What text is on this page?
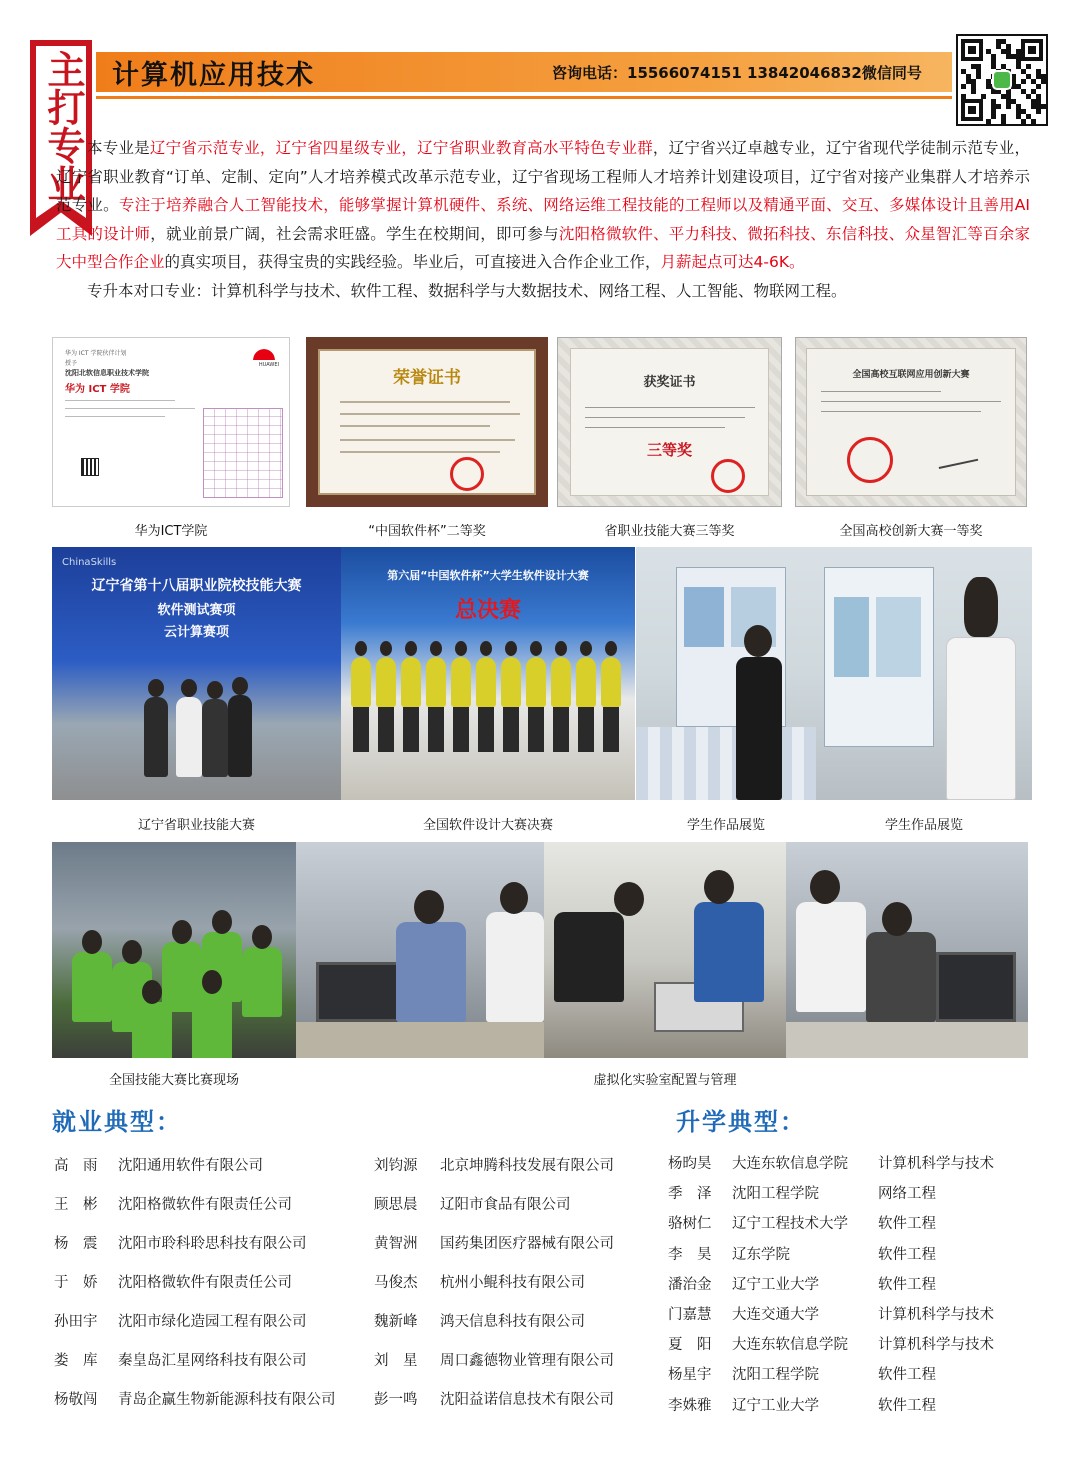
主打专业 计算机应用技术	咨询电话：15566074151 13842046832微信同号

本专业是辽宁省示范专业，辽宁省四星级专业，辽宁省职业教育高水平特色专业群，辽宁省兴辽卓越专业，辽宁省现代学徒制示范专业，辽宁省职业教育“订单、定制、定向”人才培养模式改革示范专业，辽宁省现场工程师人才培养计划建设项目，辽宁省对接产业集群人才培养示范专业。专注于培养融合人工智能技术，能够掌握计算机硬件、系统、网络运维工程技能的工程师以及精通平面、交互、多媒体设计且善用AI工具的设计师，就业前景广阔，社会需求旺盛。学生在校期间，即可参与沈阳格微软件、平力科技、微拓科技、东信科技、众星智汇等百余家大中型合作企业的真实项目，获得宝贵的实践经验。毕业后，可直接进入合作企业工作，月薪起点可达4-6K。

专升本对口专业：计算机科学与技术、软件工程、数据科学与大数据技术、网络工程、人工智能、物联网工程。

华为 ICT 学院伙伴计划
授予
沈阳北软信息职业技术学院
华为 ICT 学院
HUAWEI
华为ICT学院
荣誉证书
“中国软件杯”二等奖
获奖证书
三等奖
省职业技能大赛三等奖
全国高校互联网应用创新大赛
全国高校创新大赛一等奖
ChinaSkills
辽宁省第十八届职业院校技能大赛
软件测试赛项
云计算赛项
辽宁省职业技能大赛
第六届“中国软件杯”大学生软件设计大赛
总决赛
全国软件设计大赛决赛	学生作品展览	学生作品展览
全国技能大赛比赛现场	虚拟化实验室配置与管理
就业典型：
高　雨 沈阳通用软件有限公司
王　彬 沈阳格微软件有限责任公司
杨　震 沈阳市聆科聆思科技有限公司
于　娇 沈阳格微软件有限责任公司
孙田宇 沈阳市绿化造园工程有限公司
娄　库 秦皇岛汇星网络科技有限公司
杨敬闯 青岛企赢生物新能源科技有限公司
刘钧源 北京坤腾科技发展有限公司
顾思晨 辽阳市食品有限公司
黄智洲 国药集团医疗器械有限公司
马俊杰 杭州小鲲科技有限公司
魏新峰 鸿天信息科技有限公司
刘　星 周口鑫德物业管理有限公司
彭一鸣 沈阳益诺信息技术有限公司
升学典型：
杨昀昊 大连东软信息学院 计算机科学与技术
季　泽 沈阳工程学院	网络工程
骆树仁 辽宁工程技术大学 软件工程
李　昊 辽东学院	软件工程
潘治金 辽宁工业大学	软件工程
门嘉慧 大连交通大学	计算机科学与技术
夏　阳 大连东软信息学院 计算机科学与技术
杨星宇 沈阳工程学院	软件工程
李姝雅 辽宁工业大学	软件工程
